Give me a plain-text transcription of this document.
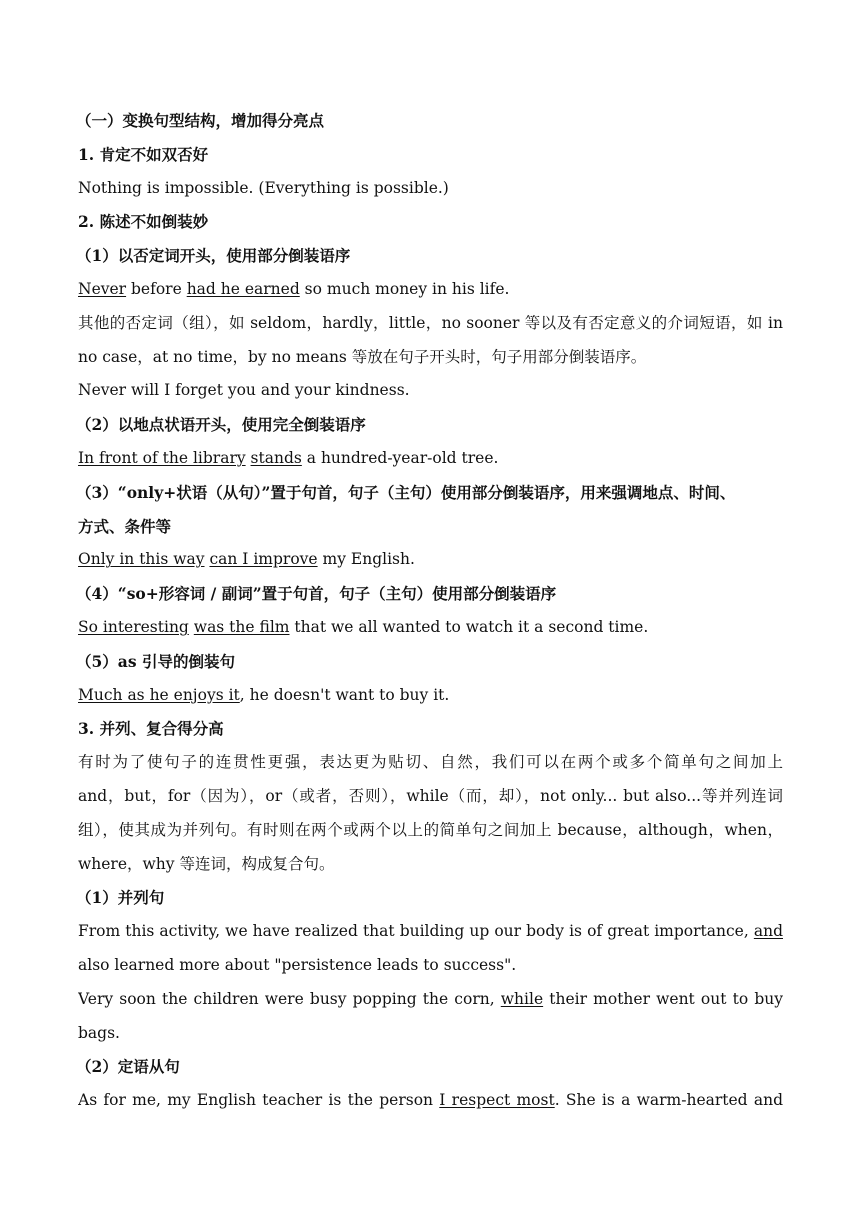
（一）变换句型结构，增加得分亮点
1. 肯定不如双否好
Nothing is impossible. (Everything is possible.)
2. 陈述不如倒装妙
（1）以否定词开头，使用部分倒装语序
Never before had he earned so much money in his life.
其他的否定词（组），如 seldom，hardly，little，no sooner 等以及有否定意义的介词短语，如 in
no case，at no time，by no means 等放在句子开头时，句子用部分倒装语序。
Never will I forget you and your kindness.
（2）以地点状语开头，使用完全倒装语序
In front of the library stands a hundred-year-old tree.
（3）“only+状语（从句）”置于句首，句子（主句）使用部分倒装语序，用来强调地点、时间、
方式、条件等
Only in this way can I improve my English.
（4）“so+形容词 / 副词”置于句首，句子（主句）使用部分倒装语序
So interesting was the film that we all wanted to watch it a second time.
（5）as 引导的倒装句
Much as he enjoys it, he doesn't want to buy it.
3. 并列、复合得分高
有时为了使句子的连贯性更强，表达更为贴切、自然，我们可以在两个或多个简单句之间加上
and，but，for（因为），or（或者，否则），while（而，却），not only... but also...等并列连词
组），使其成为并列句。有时则在两个或两个以上的简单句之间加上 because，although，when，
where，why 等连词，构成复合句。
（1）并列句
From this activity, we have realized that building up our body is of great importance, and
also learned more about "persistence leads to success".
Very soon the children were busy popping the corn, while their mother went out to buy
bags.
（2）定语从句
As for me, my English teacher is the person I respect most. She is a warm-hearted and
